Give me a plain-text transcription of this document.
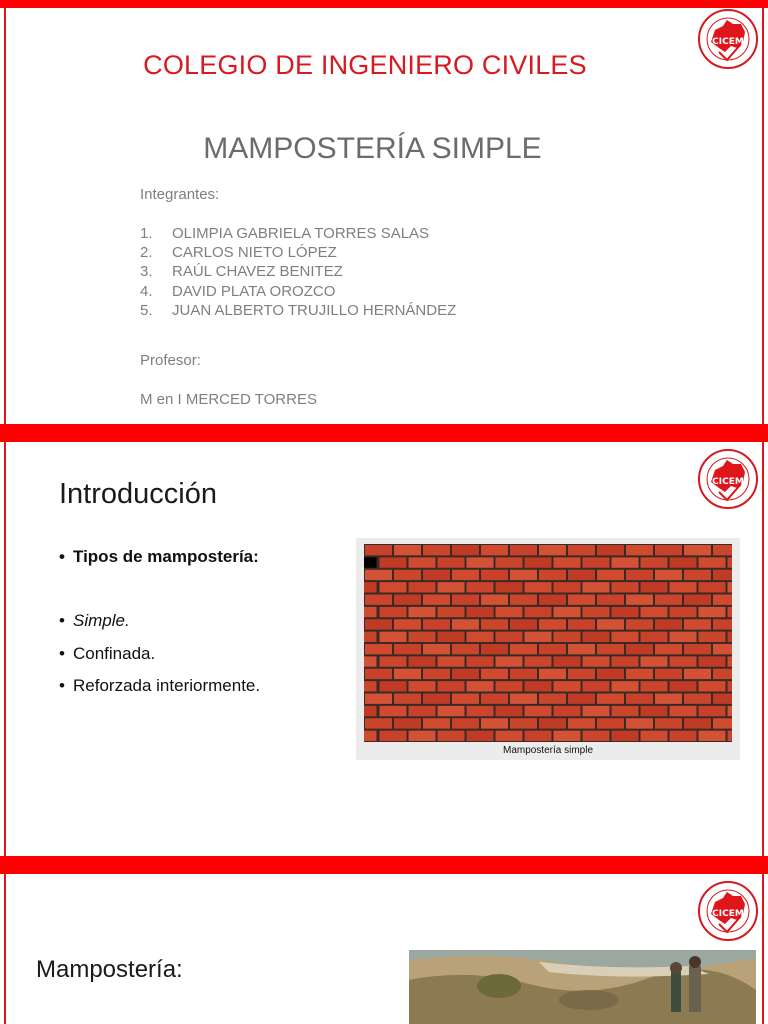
CICEM
COLEGIO DE INGENIERO CIVILES
MAMPOSTERÍA SIMPLE
Integrantes:
1. OLIMPIA GABRIELA TORRES SALAS
2. CARLOS NIETO LÓPEZ
3. RAÚL CHAVEZ BENITEZ
4. DAVID PLATA OROZCO
5. JUAN ALBERTO TRUJILLO HERNÁNDEZ
Profesor:
M en I MERCED TORRES
CICEM
Introducción
• Tipos de mampostería:
• Simple.
• Confinada.
• Reforzada interiormente.
Mampostería simple
CICEM
Mampostería:
